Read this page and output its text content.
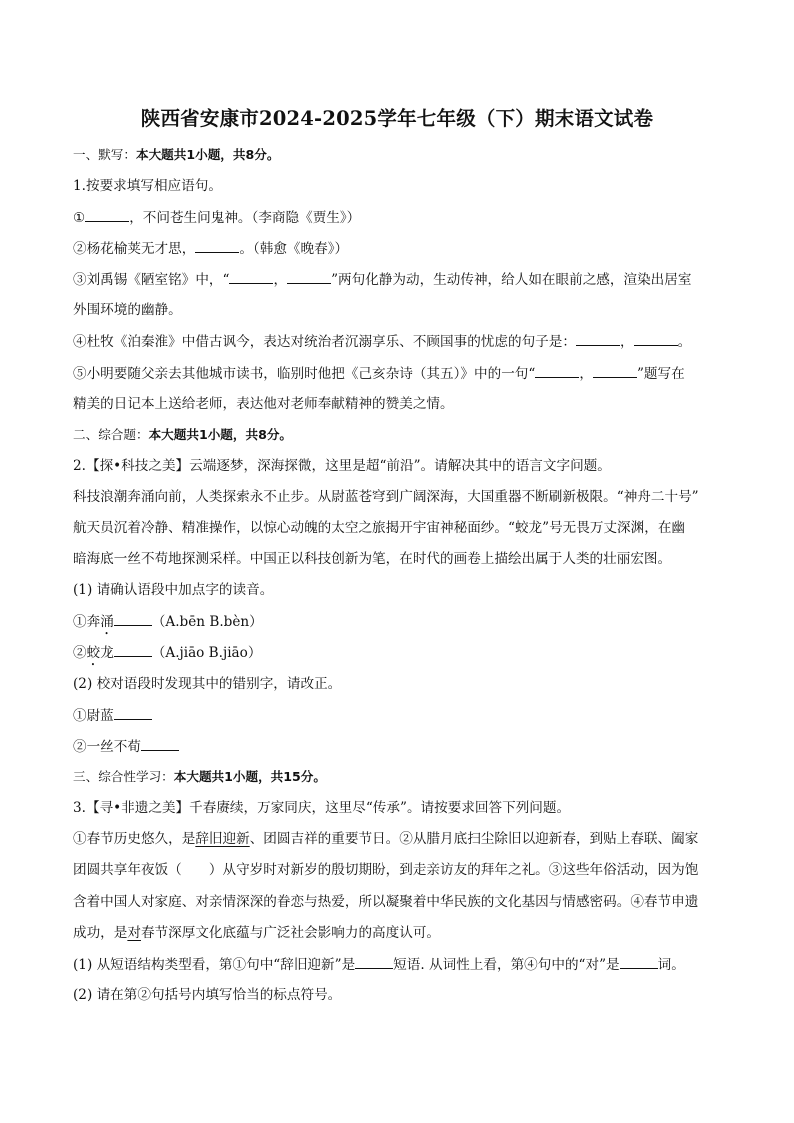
陕西省安康市2024-2025学年七年级（下）期末语文试卷
一、默写：本大题共1小题，共8分。
1.按要求填写相应语句。
①	，不问苍生问鬼神。（李商隐《贾生》）
②杨花榆荚无才思，	。（韩愈《晚春》）
③刘禹锡《陋室铭》中，“	，	”两句化静为动，生动传神，给人如在眼前之感，渲染出居室
外围环境的幽静。
④杜牧《泊秦淮》中借古讽今，表达对统治者沉溺享乐、不顾国事的忧虑的句子是：	，	。
⑤小明要随父亲去其他城市读书，临别时他把《己亥杂诗（其五）》中的一句“	，	”题写在
精美的日记本上送给老师，表达他对老师奉献精神的赞美之情。
二、综合题：本大题共1小题，共8分。
2.【探•科技之美】云端逐梦，深海探微，这里是超“前沿”。请解决其中的语言文字问题。
科技浪潮奔涌向前，人类探索永不止步。从尉蓝苍穹到广阔深海，大国重器不断刷新极限。“神舟二十号”
航天员沉着冷静、精准操作，以惊心动魄的太空之旅揭开宇宙神秘面纱。“蛟龙”号无畏万丈深渊，在幽
暗海底一丝不苟地探测采样。中国正以科技创新为笔，在时代的画卷上描绘出属于人类的壮丽宏图。
(1) 请确认语段中加点字的读音。
①奔涌	（A.bēn B.bèn）
②蛟龙	（A.jiāo B.jiāo）
(2) 校对语段时发现其中的错别字，请改正。
①尉蓝
②一丝不荀
三、综合性学习：本大题共1小题，共15分。
3.【寻•非遗之美】千春赓续，万家同庆，这里尽“传承”。请按要求回答下列问题。
①春节历史悠久，是辞旧迎新、团圆吉祥的重要节日。②从腊月底扫尘除旧以迎新春，到贴上春联、阖家
团圆共享年夜饭（　　）从守岁时对新岁的殷切期盼，到走亲访友的拜年之礼。③这些年俗活动，因为饱
含着中国人对家庭、对亲情深深的眷恋与热爱，所以凝聚着中华民族的文化基因与情感密码。④春节申遗
成功，是对春节深厚文化底蕴与广泛社会影响力的高度认可。
(1) 从短语结构类型看，第①句中“辞旧迎新”是	短语. 从词性上看，第④句中的“对”是	词。
(2) 请在第②句括号内填写恰当的标点符号。
